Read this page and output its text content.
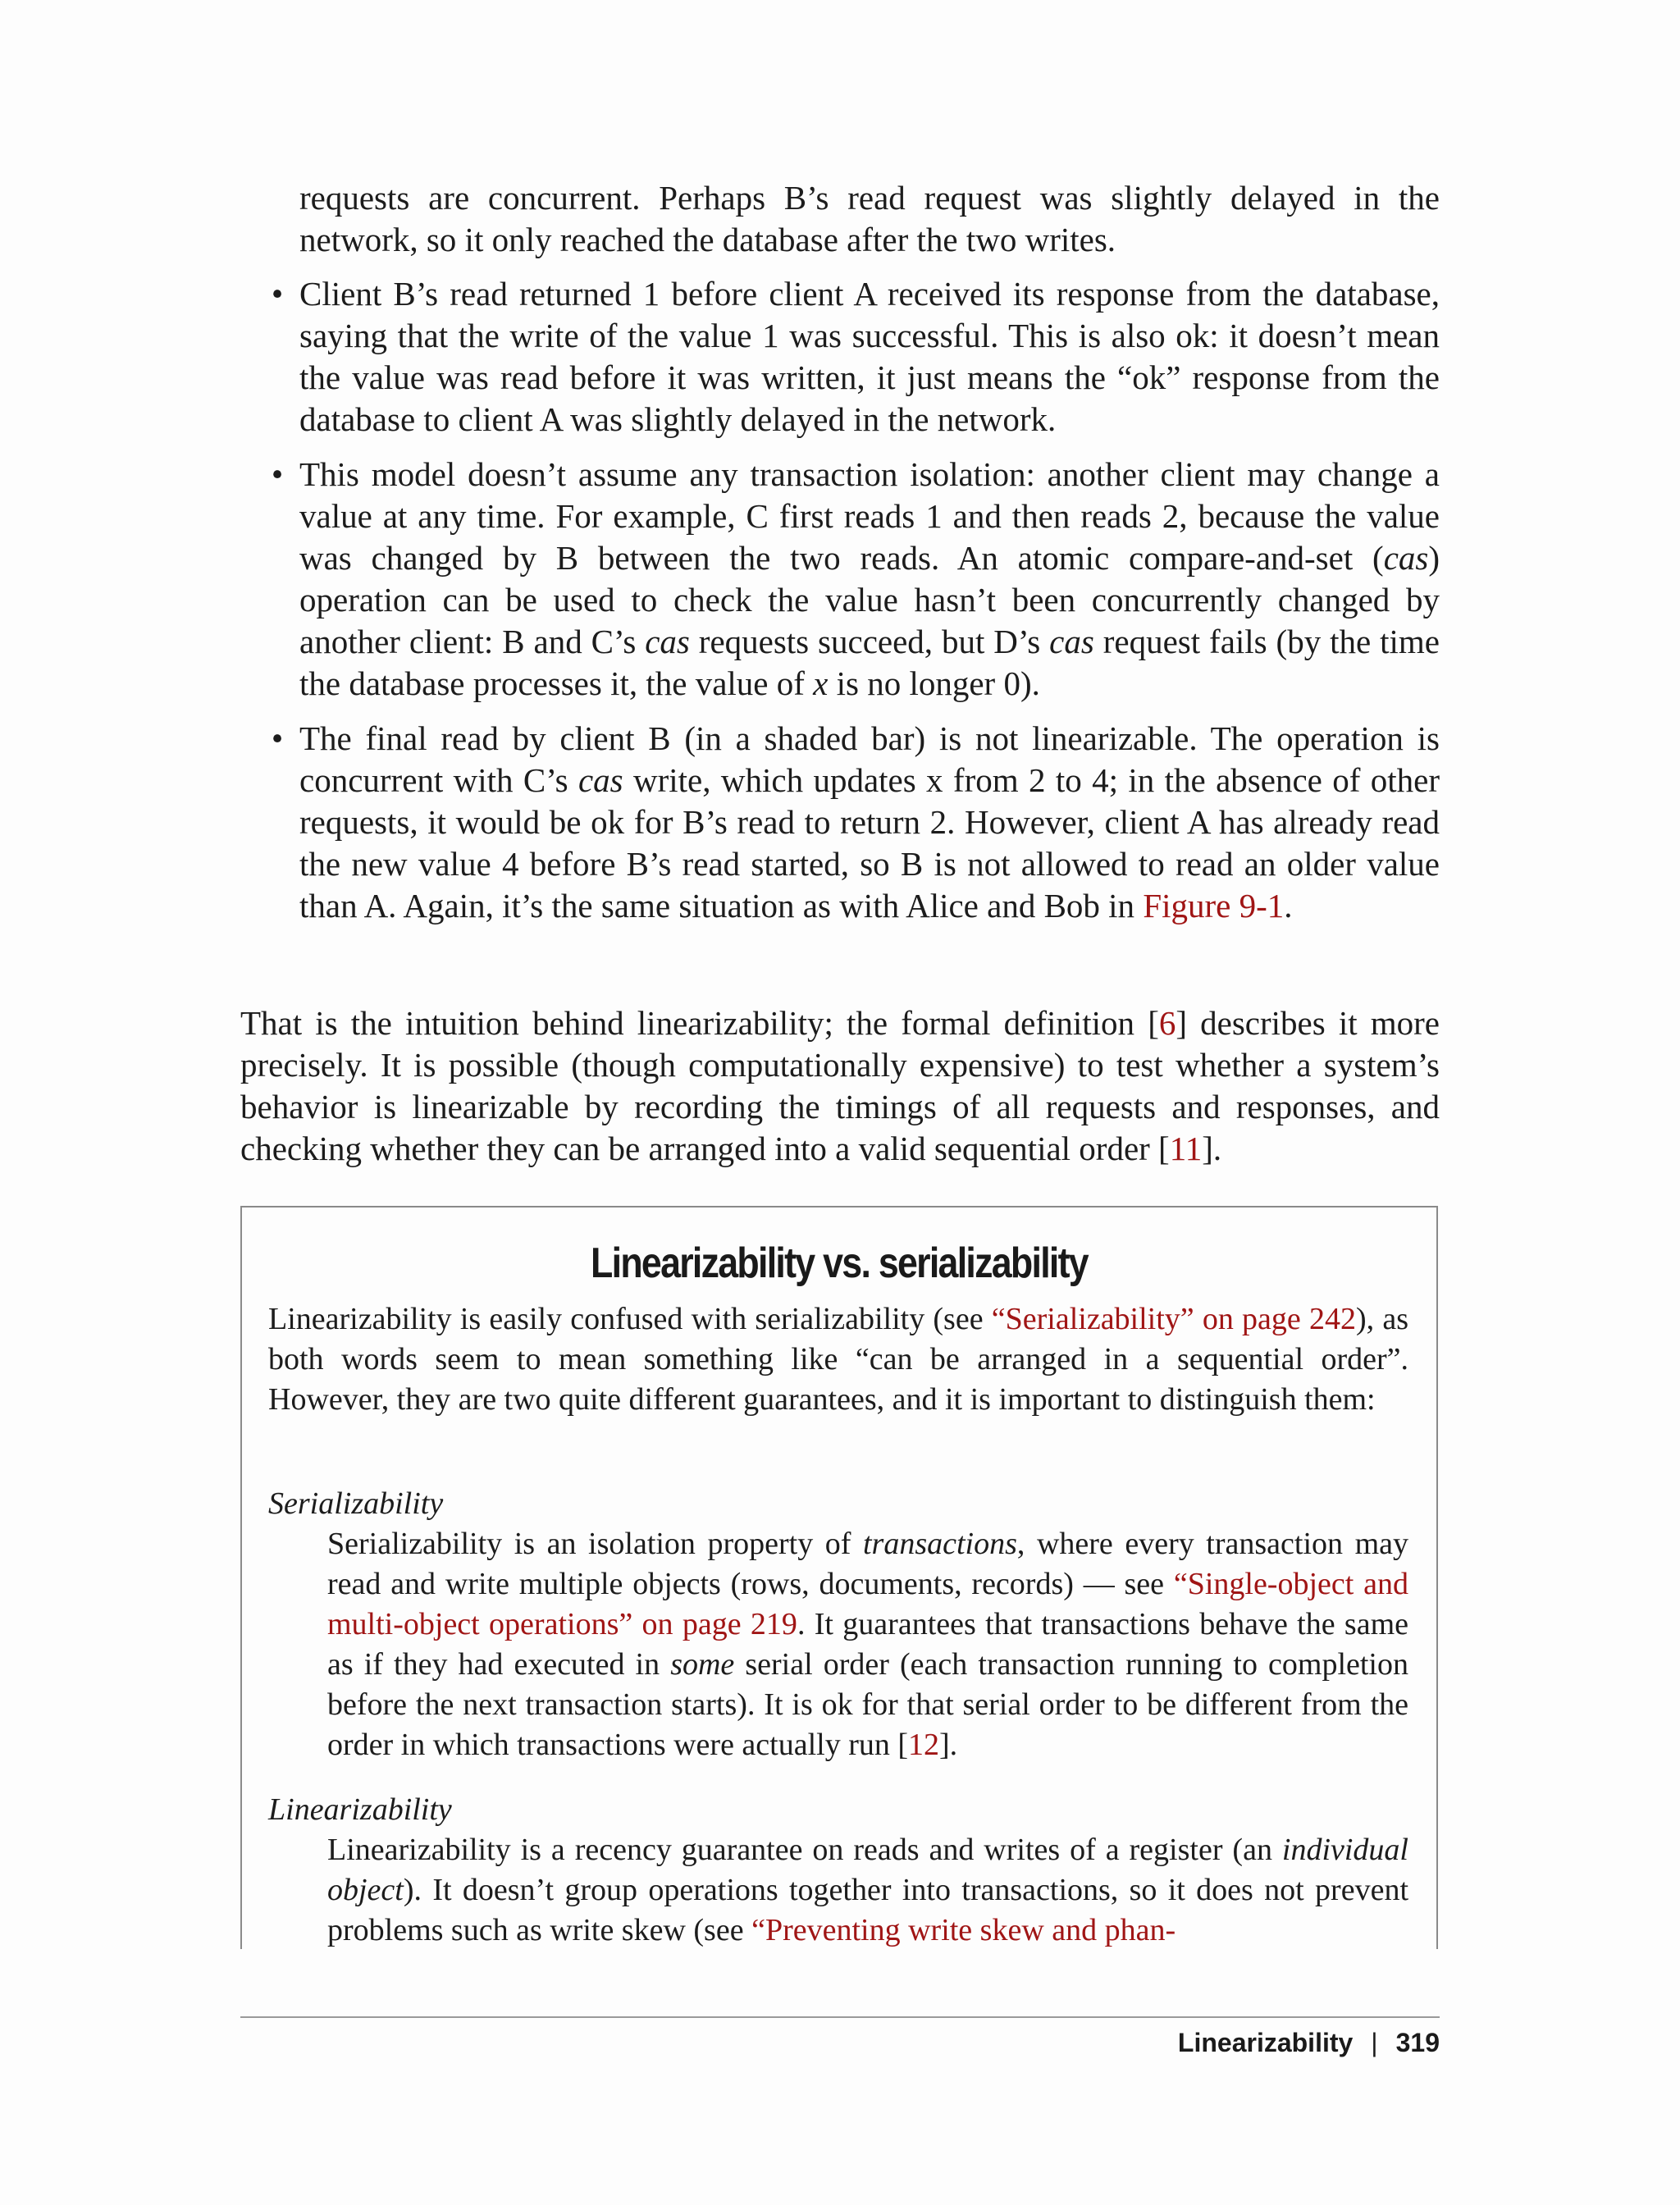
requests are concurrent. Perhaps B’s read request was slightly delayed in the network, so it only reached the database after the two writes.

• Client B’s read returned 1 before client A received its response from the database, saying that the write of the value 1 was successful. This is also ok: it doesn’t mean the value was read before it was written, it just means the “ok” response from the database to client A was slightly delayed in the network.
• This model doesn’t assume any transaction isolation: another client may change a value at any time. For example, C first reads 1 and then reads 2, because the value was changed by B between the two reads. An atomic compare-and-set (cas) operation can be used to check the value hasn’t been concurrently changed by another client: B and C’s cas requests succeed, but D’s cas request fails (by the time the database processes it, the value of x is no longer 0).
• The final read by client B (in a shaded bar) is not linearizable. The operation is concurrent with C’s cas write, which updates x from 2 to 4; in the absence of other requests, it would be ok for B’s read to return 2. However, client A has already read the new value 4 before B’s read started, so B is not allowed to read an older value than A. Again, it’s the same situation as with Alice and Bob in Figure 9-1.

That is the intuition behind linearizability; the formal definition [6] describes it more precisely. It is possible (though computationally expensive) to test whether a system’s behavior is linearizable by recording the timings of all requests and responses, and checking whether they can be arranged into a valid sequential order [11].

Linearizability vs. serializability

Linearizability is easily confused with serializability (see “Serializability” on page 242), as both words seem to mean something like “can be arranged in a sequential order”. However, they are two quite different guarantees, and it is important to distinguish them:

Serializability

Serializability is an isolation property of transactions, where every transaction may read and write multiple objects (rows, documents, records) — see “Single-object and multi-object operations” on page 219. It guarantees that transactions behave the same as if they had executed in some serial order (each transaction running to completion before the next transaction starts). It is ok for that serial order to be different from the order in which transactions were actually run [12].

Linearizability

Linearizability is a recency guarantee on reads and writes of a register (an individual object). It doesn’t group operations together into transactions, so it does not prevent problems such as write skew (see “Preventing write skew and phan-

Linearizability | 319
